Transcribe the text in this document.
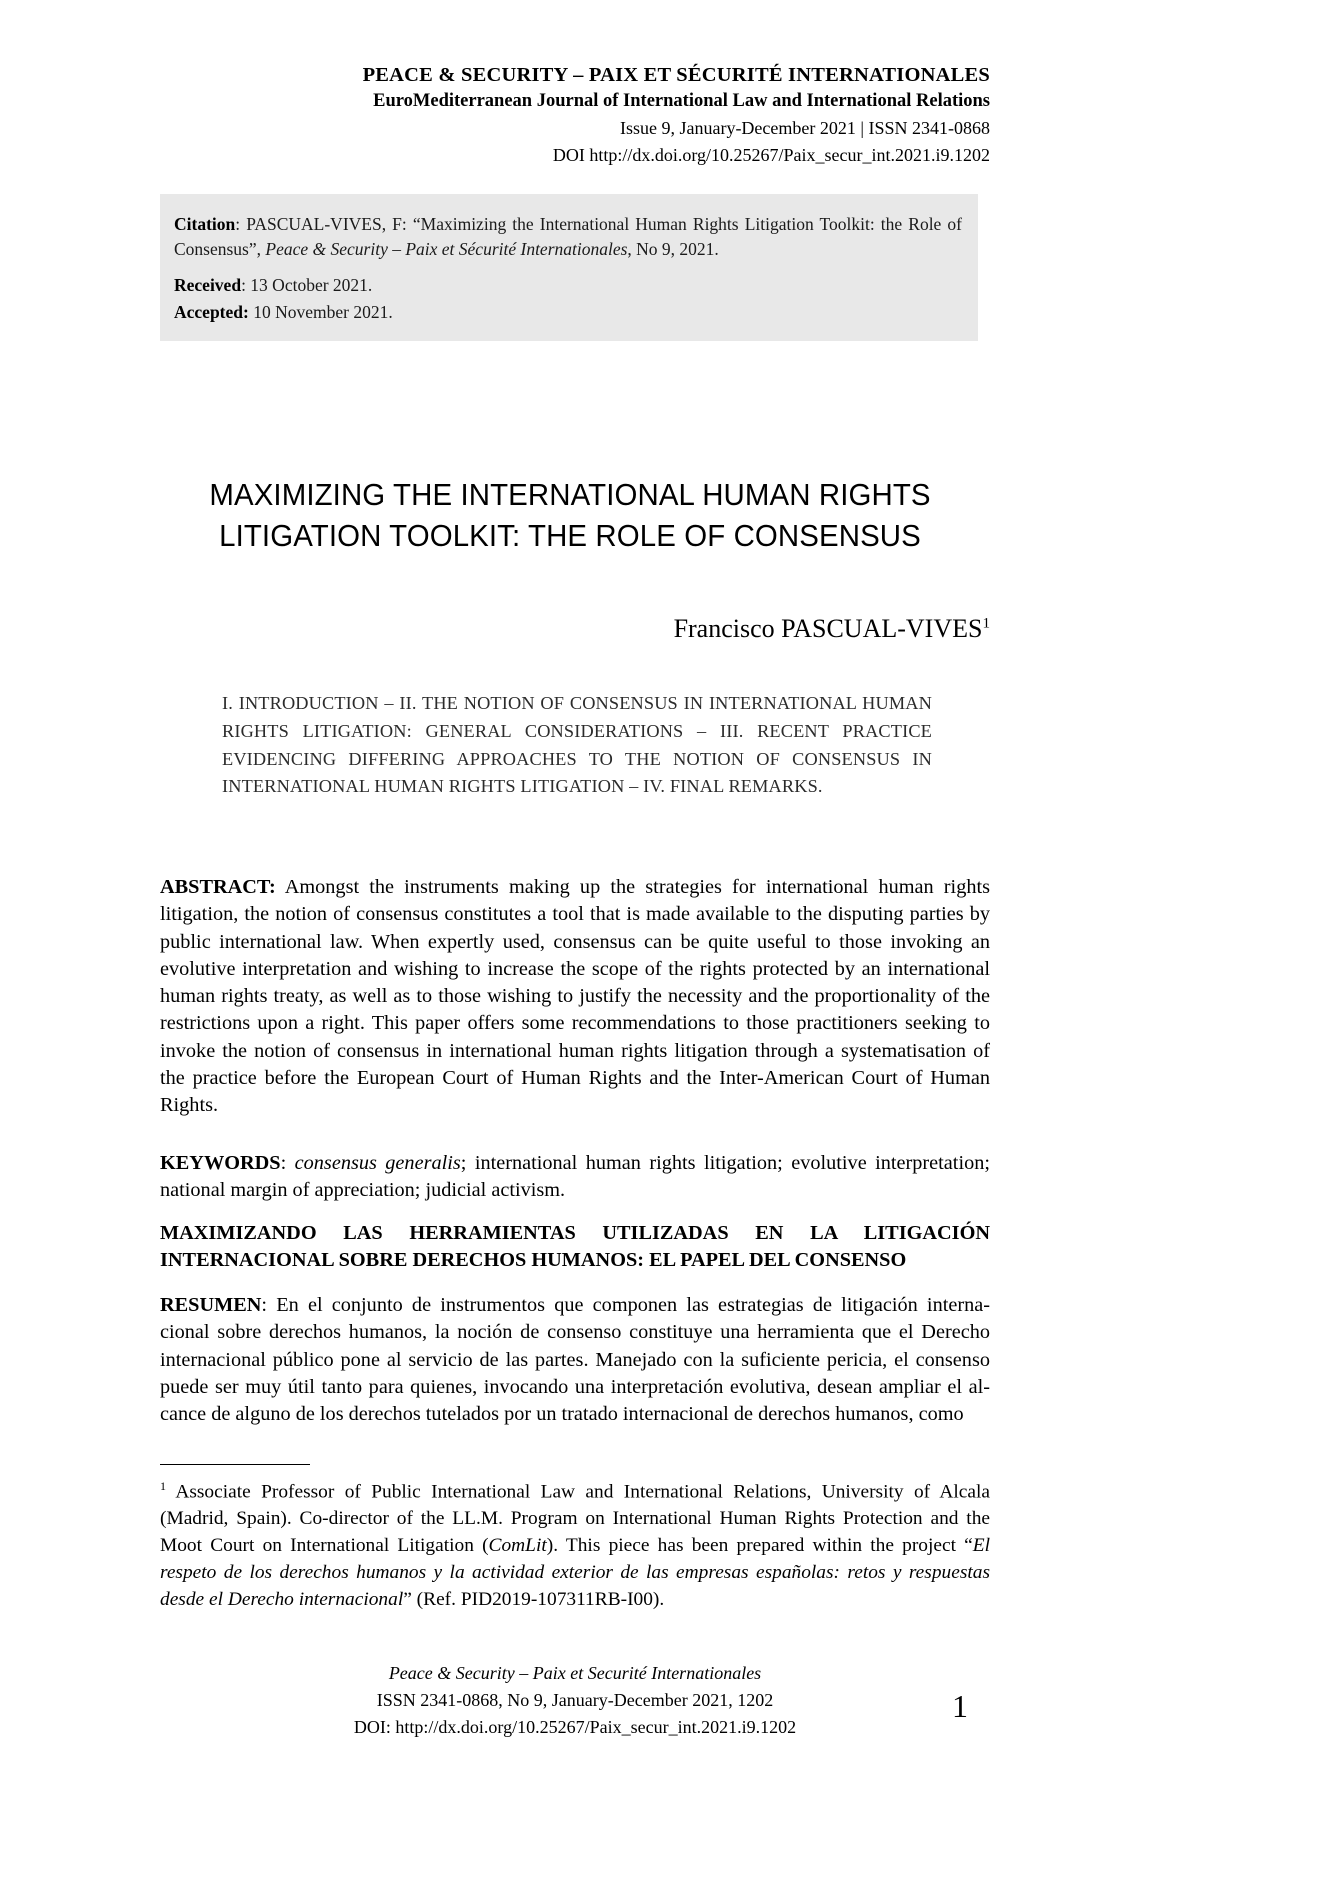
PEACE & SECURITY – PAIX ET SÉCURITÉ INTERNATIONALES
EuroMediterranean Journal of International Law and International Relations
Issue 9, January-December 2021 | ISSN 2341-0868
DOI http://dx.doi.org/10.25267/Paix_secur_int.2021.i9.1202
Citation: PASCUAL-VIVES, F: “Maximizing the International Human Rights Litigation Toolkit: the Role of Consensus”, Peace & Security – Paix et Sécurité Internationales, No 9, 2021.
Received: 13 October 2021.
Accepted: 10 November 2021.
MAXIMIZING THE INTERNATIONAL HUMAN RIGHTS LITIGATION TOOLKIT: THE ROLE OF CONSENSUS
Francisco PASCUAL-VIVES$^1$
I. INTRODUCTION – II. THE NOTION OF CONSENSUS IN INTERNATIONAL HUMAN RIGHTS LITIGATION: GENERAL CONSIDERATIONS – III. RECENT PRACTICE EVIDENCING DIFFERING APPROACHES TO THE NOTION OF CONSENSUS IN INTERNATIONAL HUMAN RIGHTS LITIGATION – IV. FINAL REMARKS.
ABSTRACT: Amongst the instruments making up the strategies for international human rights litigation, the notion of consensus constitutes a tool that is made available to the disputing parties by public international law. When expertly used, consensus can be quite useful to those invoking an evolutive interpretation and wishing to increase the scope of the rights protected by an international human rights treaty, as well as to those wishing to justify the necessity and the proportionality of the restrictions upon a right. This paper offers some recommendations to those practitioners seeking to invoke the notion of consensus in international human rights litigation through a systematisation of the practice before the European Court of Human Rights and the Inter-American Court of Human Rights.
KEYWORDS: consensus generalis; international human rights litigation; evolutive interpretation; national margin of appreciation; judicial activism.
MAXIMIZANDO LAS HERRAMIENTAS UTILIZADAS EN LA LITIGACIÓN INTERNACIONAL SOBRE DERECHOS HUMANOS: EL PAPEL DEL CONSENSO
RESUMEN: En el conjunto de instrumentos que componen las estrategias de litigación interna-cional sobre derechos humanos, la noción de consenso constituye una herramienta que el Derecho internacional público pone al servicio de las partes. Manejado con la suficiente pericia, el consenso puede ser muy útil tanto para quienes, invocando una interpretación evolutiva, desean ampliar el al-cance de alguno de los derechos tutelados por un tratado internacional de derechos humanos, como
$^1$ Associate Professor of Public International Law and International Relations, University of Alcala (Madrid, Spain). Co-director of the LL.M. Program on International Human Rights Protection and the Moot Court on International Litigation (ComLit). This piece has been prepared within the project “El respeto de los derechos humanos y la actividad exterior de las empresas españolas: retos y respuestas desde el Derecho internacional” (Ref. PID2019-107311RB-I00).
Peace & Security – Paix et Securité Internationales
ISSN 2341-0868, No 9, January-December 2021, 1202
DOI: http://dx.doi.org/10.25267/Paix_secur_int.2021.i9.1202
1
